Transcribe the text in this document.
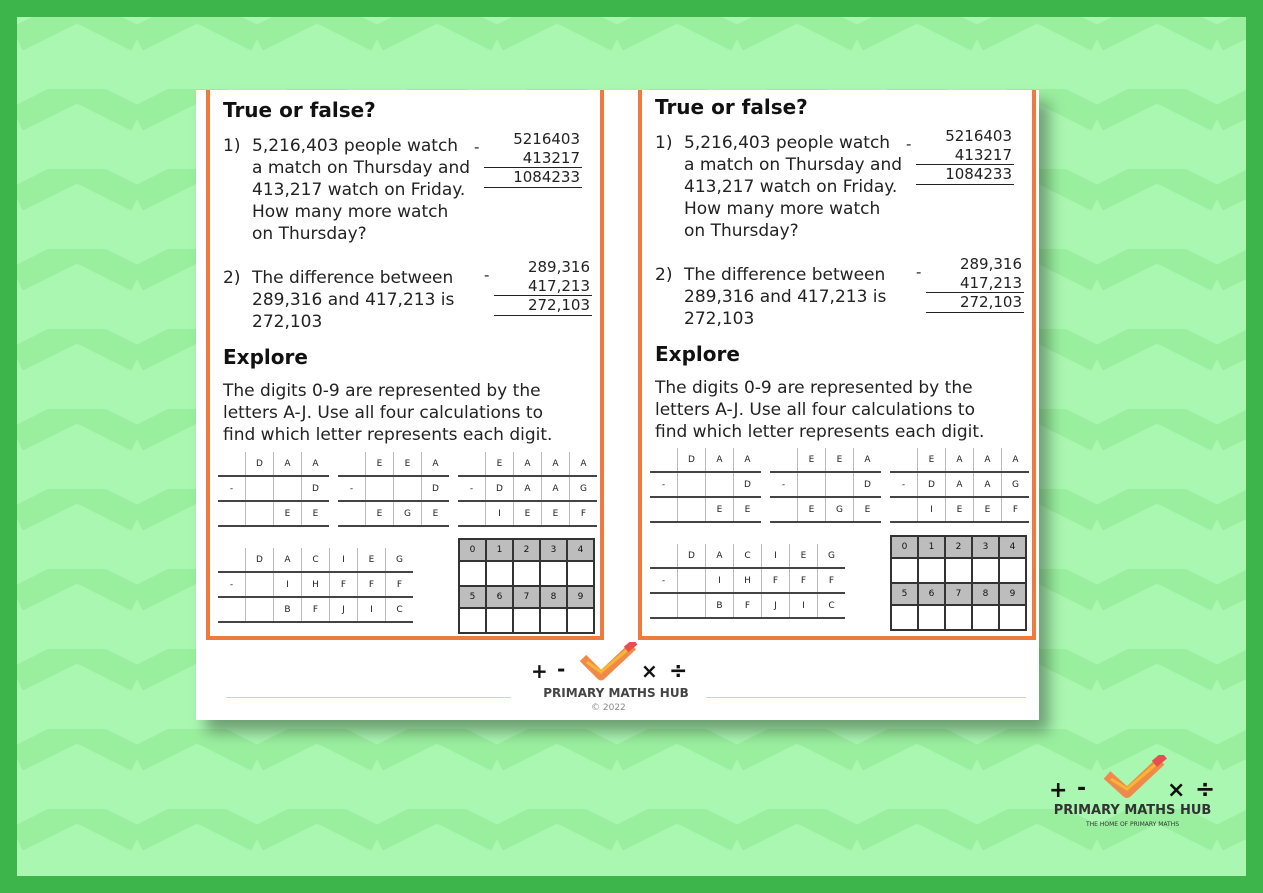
True or false?
1) 5,216,403 people watch a match on Thursday and 413,217 watch on Friday. How many more watch on Thursday?
- 5216403
413217
1084233
2) The difference between 289,316 and 417,213 is 272,103
-	289,316
417,213
272,103
Explore

The digits 0-9 are represented by the letters A-J. Use all four calculations to find which letter represents each digit.

	D	A	A
-			D
		E	E
	E	E	A
-			D
	E	G	E
	E	A	A	A
-	D	A	A	G
	I	E	E	F
	D	A	C	I	E	G
-		I	H	F	F	F
		B	F	J	I	C
0	1	2	3	4

5	6	7	8	9

True or false?
1) 5,216,403 people watch a match on Thursday and 413,217 watch on Friday. How many more watch on Thursday?
- 5216403
413217
1084233
2) The difference between 289,316 and 417,213 is 272,103
-	289,316
417,213
272,103
Explore

The digits 0-9 are represented by the letters A-J. Use all four calculations to find which letter represents each digit.

	D	A	A
-			D
		E	E
	E	E	A
-			D
	E	G	E
	E	A	A	A
-	D	A	A	G
	I	E	E	F
	D	A	C	I	E	G
-		I	H	F	F	F
		B	F	J	I	C
0	1	2	3	4

5	6	7	8	9

+ -	× ÷
PRIMARY MATHS HUB
© 2022
+ -	× ÷
PRIMARY MATHS HUB
THE HOME OF PRIMARY MATHS
